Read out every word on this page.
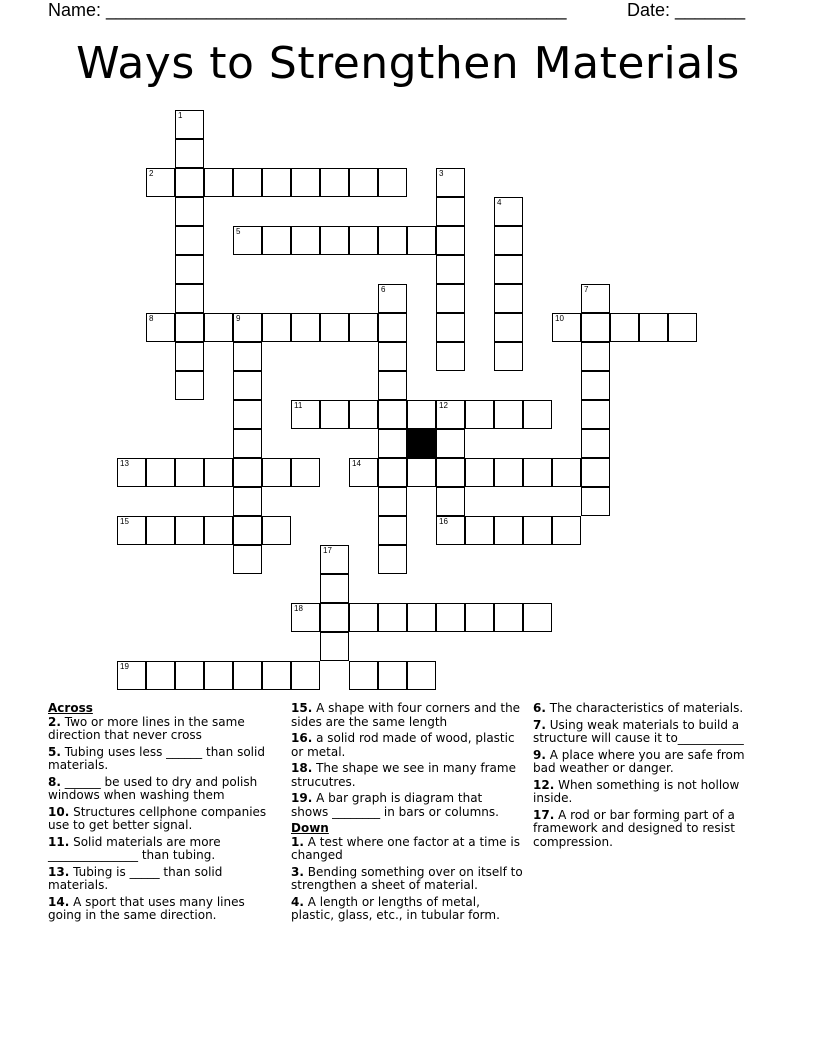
Name: ______________________________________________	Date: _______
Ways to Strengthen Materials
1
2	3
4
5
6	7
8	9	10
11	12
13	14
15	16
17
18
19
Across
2. Two or more lines in the same direction that never cross
5. Tubing uses less ______ than solid materials.
8. ______ be used to dry and polish windows when washing them
10. Structures cellphone companies use to get better signal.
11. Solid materials are more _______________ than tubing.
13. Tubing is _____ than solid materials.
14. A sport that uses many lines going in the same direction.
15. A shape with four corners and the sides are the same length
16. a solid rod made of wood, plastic or metal.
18. The shape we see in many frame strucutres.
19. A bar graph is diagram that shows ________ in bars or columns.
Down
1. A test where one factor at a time is changed
3. Bending something over on itself to strengthen a sheet of material.
4. A length or lengths of metal, plastic, glass, etc., in tubular form.
6. The characteristics of materials.
7. Using weak materials to build a structure will cause it to___________
9. A place where you are safe from bad weather or danger.
12. When something is not hollow inside.
17. A rod or bar forming part of a framework and designed to resist compression.
